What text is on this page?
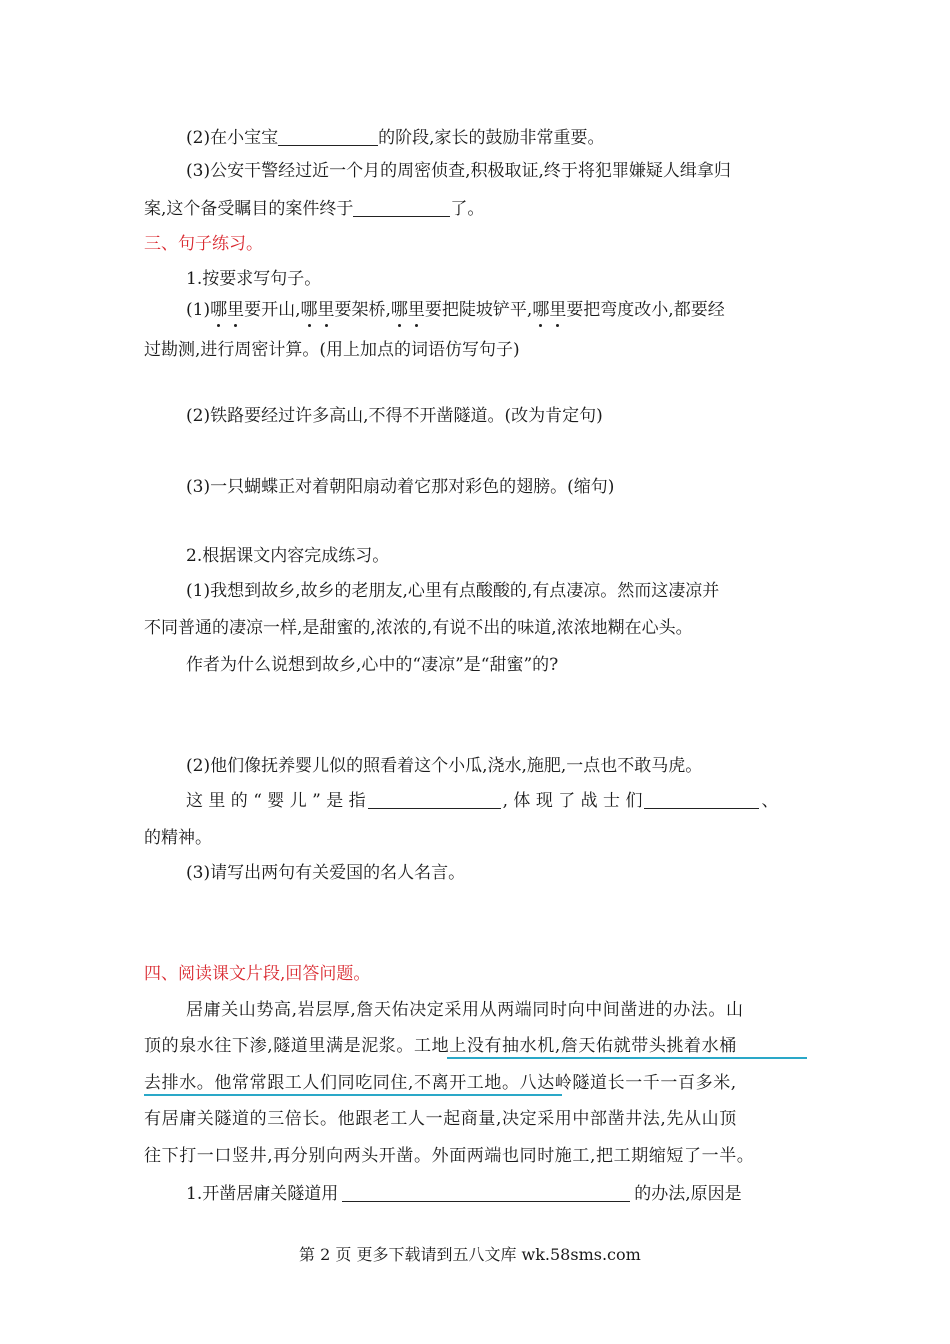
(2)在小宝宝	的阶段,家长的鼓励非常重要。
(3)公安干警经过近一个月的周密侦查,积极取证,终于将犯罪嫌疑人缉拿归
案,这个备受瞩目的案件终于	了。
三、句子练习。
1.按要求写句子。
(1)哪里要开山,哪里要架桥,哪里要把陡坡铲平,哪里要把弯度改小,都要经
过勘测,进行周密计算。(用上加点的词语仿写句子)
(2)铁路要经过许多高山,不得不开凿隧道。(改为肯定句)
(3)一只蝴蝶正对着朝阳扇动着它那对彩色的翅膀。(缩句)
2.根据课文内容完成练习。
(1)我想到故乡,故乡的老朋友,心里有点酸酸的,有点凄凉。然而这凄凉并
不同普通的凄凉一样,是甜蜜的,浓浓的,有说不出的味道,浓浓地糊在心头。
作者为什么说想到故乡,心中的“凄凉”是“甜蜜”的?
(2)他们像抚养婴儿似的照看着这个小瓜,浇水,施肥,一点也不敢马虎。
这 里 的 “ 婴 儿 ” 是 指	, 体 现 了 战 士 们	、
的精神。
(3)请写出两句有关爱国的名人名言。
四、阅读课文片段,回答问题。
居庸关山势高,岩层厚,詹天佑决定采用从两端同时向中间凿进的办法。山
顶的泉水往下渗,隧道里满是泥浆。工地上没有抽水机,詹天佑就带头挑着水桶
去排水。他常常跟工人们同吃同住,不离开工地。八达岭隧道长一千一百多米,
有居庸关隧道的三倍长。他跟老工人一起商量,决定采用中部凿井法,先从山顶
往下打一口竖井,再分别向两头开凿。外面两端也同时施工,把工期缩短了一半。
1.开凿居庸关隧道用	的办法,原因是
第 2 页 更多下载请到五八文库 wk.58sms.com
